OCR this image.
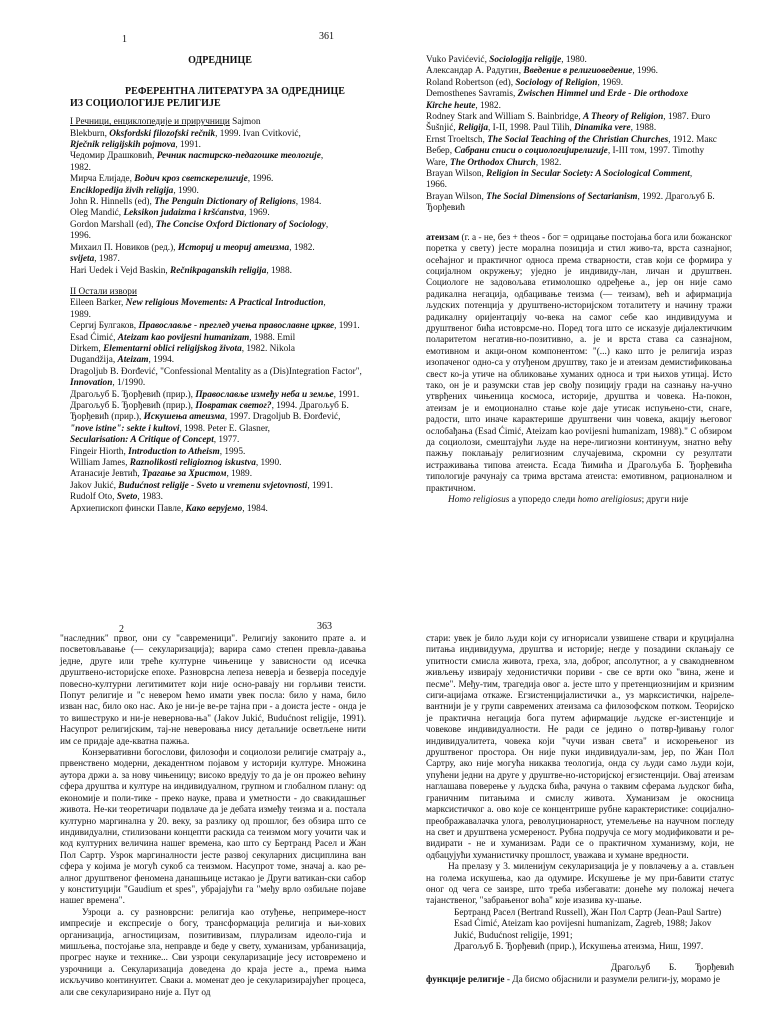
1	361

ОДРЕДНИЦЕ

РЕФЕРЕНТНА ЛИТЕРАТУРА ЗА ОДРЕДНИЦЕ

ИЗ СОЦИОЛОГИЈЕ РЕЛИГИЈЕ

I Речници, енциклопедије и приручници Sajmon

Blekburn, Oksfordski filozofski rečnik, 1999. Ivan Cvitković,

Rječnik religijskih pojmova, 1991.

Чедомир Драшковић, Речник пастирско-педагошке теологије,

1982.

Мирча Елијаде, Водич кроз светскерелигије, 1996.

Enciklopedija živih religija, 1990.

John R. Hinnells (ed), The Penguin Dictionary of Religions, 1984.

Oleg Mandić, Leksikon judaizma i kršćanstva, 1969.

Gordon Marshall (ed), The Concise Oxford Dictionary of Sociology,

1996.

Михаил П. Новиков (ред.), Историј и теориј атеизма, 1982.

svijeta, 1987.

Hari Uedek i Vejd Baskin, Rečnikpaganskih religija, 1988.

II Остали извори

Eileen Barker, New religious Movements: A Practical Introduction,

1989.

Сергиј Булгаков, Православље - преглед учења православне цркве, 1991.

Esad Ćimić, Ateizam kao povijesni humanizam, 1988. Emil

Dirkem, Elementarni oblici religijskog života, 1982. Nikola

Dugandžija, Ateizam, 1994.

Dragoljub B. Đorđević, "Confessional Mentality as a (Dis)Integration Factor",

Innovation, 1/1990.

Драгољуб Б. Ђорђевић (прир.), Православље између неба и земље, 1991.

Драгољуб Б. Ђорђевић (прир.), Повратак светог?, 1994. Драгољуб Б.

Ђорђевић (прир.), Искушења атеизма, 1997. Dragoljub B. Đorđević,

"nove istine": sekte i kultovi, 1998. Peter E. Glasner,

Secularisation: A Critique of Concept, 1977.

Fingeir Hiorth, Introduction to Atheism, 1995.

William James, Raznolikosti religioznog iskustva, 1990.

Атанасије Јевтић, Трагање за Христом, 1989.

Jakov Jukić, Budućnost religije - Sveto u vremenu svjetovnosti, 1991.

Rudolf Oto, Sveto, 1983.

Архиепископ фински Павле, Како верујемо, 1984.

Vuko Pavićević, Sociologija religije, 1980.

Александар А. Радугин, Введение в религиоведение, 1996.

Roland Robertson (ed), Sociology of Religion, 1969.

Demosthenes Savramis, Zwischen Himmel und Erde - Die orthodoxe

Kirche heute, 1982.

Rodney Stark and William S. Bainbridge, A Theory of Religion, 1987. Đuro

Šušnjić, Religija, I-II, 1998. Paul Tilih, Dinamika vere, 1988.

Ernst Troeltsch, The Social Teaching of the Christian Churches, 1912. Макс

Вебер, Сабрани списи о социологијирелигије, I-III том, 1997. Timothy

Ware, The Orthodox Church, 1982.

Brayan Wilson, Religion in Secular Society: A Sociological Comment,

1966.

Brayan Wilson, The Social Dimensions of Sectarianism, 1992. Драгољуб Б.

Ђорђевић

атеизам (г. а - не, без + theos - бог = одрицање постојања бога или божанског поретка у свету) јесте морална позиција и стил живо-та, врста сазнајног, осећајног и практичног односа према стварности, став који се формира у социјалном окружењу; уједно је индивиду-лан, личан и друштвен. Социологе не задовољава етимолошко одређење а., јер он није само радикална негација, одбацивање теизма (— теизам), већ и афирмација људских потенција у друштвено-историјском тоталитету и начину тражи радикалну оријентацију чо-века на самог себе као индивидуума и друштвеног бића истоврсме-но. Поред тога што се исказује дијалектичким полаpитетом негатив-но-позитивно, а. је и врста става са сазнајном, емотивном и акци-оном компонентом: "(...) како што је религија израз изопаченог одно-са у отуђеном друштву, тако је и атеизам демистификовања свест ко-ја утиче на обликовање хуманих односа и три њихов утицај. Исто тако, он је и разумски став јер свођу позицију гради на сазнању на-учно утврђених чињеница космоса, историје, друштва и човека. На-покон, атеизам је и емоционално стање које даје утисак испуњено-сти, снаге, радости, што иначе карактерише друштвени чин човека, акцију његовог ослобађања (Esad Ćimić, Ateizam kao povijesni humanizam, 1988)." С обзиром да социолози, смештајући људе на нере-лигиозни континуум, знатно већу пажњу поклањају религиозним случајевима, скромни су резултати истраживања типова атеиста. Есада Ћимића и Драгољуба Б. Ђорђевића типологије рачунају са трима врстама атеиста: емотивном, рационалном и практичном.

Homo religiosus а упоредо следи homo areligiosus; други није

2	363

"наследник" првог, они су "савременици". Религију законито прате а. и посветовљавање (— секуларизација); варира само степен превла-давања једне, друге или треће културне чињенице у зависности од исечка друштвено-историјске епохе. Разноврсна лепеза неверја и безверја поседује повесно-културни легитимитет који није осно-равају ни горљиви теисти. Попут религије и "с невером ћемо имати увек посла: било у нама, било изван нас, било око нас. Ако је ни-је ве-ре тајна при - а доиста јесте - онда је то вишеструко и ни-је невернова-ња" (Jakov Jukić, Budućnost religije, 1991). Насупрот религијским, тај-не неверовања нису детаљније осветљене нити им се придаје аде-кватна пажња.

Конзервативни богослови, филозофи и социолози религије сматрају а., првенствено модерни, декадентном појавом у историји културе. Множина аутора држи а. за нову чињеницу; високо вредују то да је он прожео већину сфера друштва и културе на индивидуалном, групном и глобалном плану: од економије и поли-тике - преко науке, права и уметности - до свакидашњег живота. Не-ки теоретичари подвлаче да је дебата између теизма и а. постала културно маргинална у 20. веку, за разлику од прошлог, без обзира што се индивидуални, стилизовани концепти раскида са теизмом могу уочити чак и код културних величина нашег времена, као што су Бертранд Расел и Жан Пол Сартр. Узрок маргиналности јесте развој секуларних дисциплина ван сфера у којима је могућ сукоб са теизмом. Насупрот томе, значај а. као ре-алног друштвеног феномена данашњице истакао је Други ватикан-ски сабор у конституцији "Gaudium et spes", убрајајући га "међу врло озбиљне појаве нашег времена".

Узроци а. су разноврсни: религија као отуђење, непримере-ност импресије и експресије о богу, трансформација религија и њи-хових организација, агностицизам, позитивизам, плурализам идеоло-гија и мишљења, постојање зла, неправде и беде у свету, хуманизам, урбанизација, прогрес науке и технике... Сви узроци секуларизације јесу истовремено и узрочници а. Секуларизација доведена до краја јесте а., према њима искључиво континуитет. Сваки а. моменат део је секуларизирајућег процеса, али све секуларизирано није а. Пут од

стари: увек је било људи који су игнорисали узвишене ствари и круцијална питања индивидуума, друштва и историје; негде у позадини склањају се упитности смисла живота, греха, зла, доброг, апсолутног, а у свакодневном живљењу извирају хедонистички пориви - све се врти око "вина, жене и песме". Међу-тим, трагедија овог а. јесте што у претенциознијим и кризним сиги-ацијама откаже. Егзистенцијалистички а., уз марксистички, најреле-вантнији је у групи савремених атеизама са филозофском потком. Теоријско је практична негација бога путем афирмације људске ег-зистенције и човекове индивидуалности. Не ради се једино о потвр-ђивању голог индивидуалитета, човека који "чучи изван света" и искорењеног из друштвеног простора. Он није пуки индивидуали-зам, јер, по Жан Пол Сартру, ако није могућа никаква теологија, онда су људи само људи који, упућени једни на друге у друштве-но-историјској егзистенцији. Овај атеизам наглашава поверење у људска бића, рачуна о таквим сферама људског бића, граничним питањима и смислу живота. Хуманизам је окосница марксистичког а. ово које се концентрише рубне карактеристике: социјално-преображавалачка улога, револуционарност, утемељење на научном погледу на свет и друштвена усмереност. Рубна подручја се могу модификовати и ре-видирати - не и хуманизам. Ради се о практичном хуманизму, који, не одбацујући хуманистичку прошлост, уважава и хумане вредности.

На прелазу у 3. миленијум секуларизација је у повлачењу а а. стављен на голема искушења, као да одумире. Искушење је му при-бавити статус оног од чега се заизре, што треба избегавати: донеће му положај нечега тајанственог, "забрањеног воћа" које изазива ку-шање.

Бертранд Расел (Bertrand Russell), Жан Пол Сартр (Jean-Paul Sartre)

Esad Ćimić, Ateizam kao povijesni humanizam, Zagreb, 1988; Jakov

Jukić, Budućnost religije, 1991;

Драгољуб Б. Ђорђевић (прир.), Искушења атеизма, Ниш, 1997.

Драгољуб        Б.        Ђорђевић

функције религије - Да бисмо објаснили и разумели религи-ју, морамо је
